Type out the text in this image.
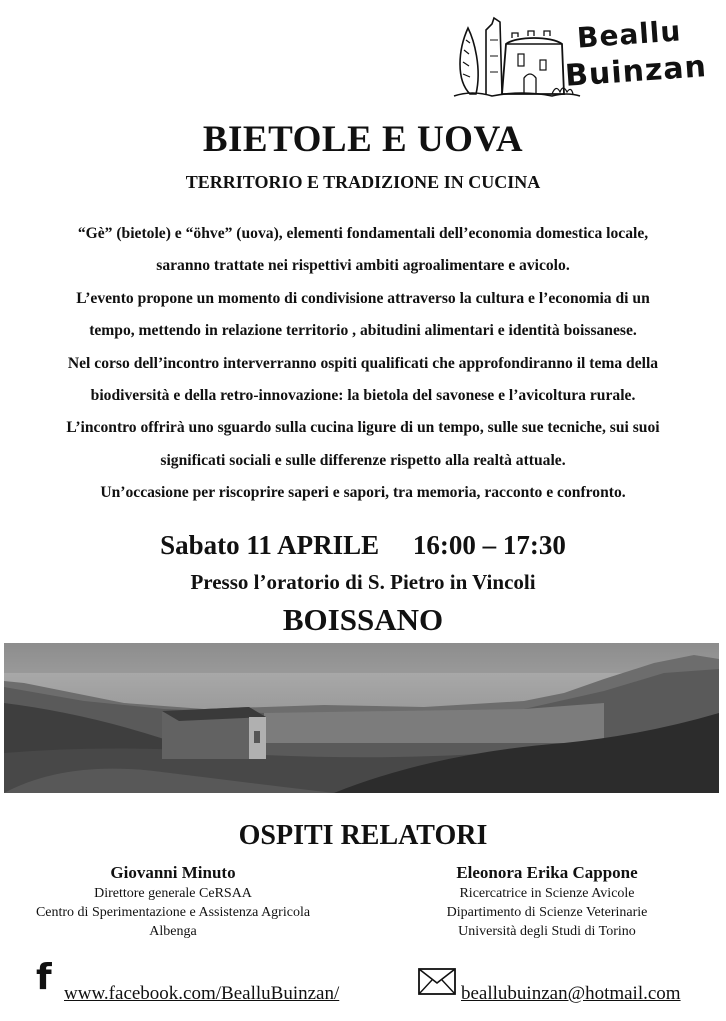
Beallu
Buinzan
BIETOLE E UOVA
TERRITORIO E TRADIZIONE IN CUCINA
“Gè” (bietole) e “öhve” (uova), elementi fondamentali dell’economia domestica locale,
saranno trattate nei rispettivi ambiti agroalimentare e avicolo.
L’evento propone un momento di condivisione attraverso la cultura e l’economia di un
tempo, mettendo in relazione territorio , abitudini alimentari e identità boissanese.
Nel corso dell’incontro interverranno ospiti qualificati che approfondiranno il tema della
biodiversità e della retro-innovazione: la bietola del savonese e l’avicoltura rurale.
L’incontro offrirà uno sguardo sulla cucina ligure di un tempo, sulle sue tecniche, sui suoi
significati sociali e sulle differenze rispetto alla realtà attuale.
Un’occasione per riscoprire saperi e sapori, tra memoria, racconto e confronto.
Sabato 11 APRILE 16:00 – 17:30
Presso l’oratorio di S. Pietro in Vincoli
BOISSANO
OSPITI RELATORI
Giovanni Minuto
Direttore generale CeRSAA
Centro di Sperimentazione e Assistenza Agricola
Albenga
Eleonora Erika Cappone
Ricercatrice in Scienze Avicole
Dipartimento di Scienze Veterinarie
Università degli Studi di Torino
f www.facebook.com/BealluBuinzan/	beallubuinzan@hotmail.com
